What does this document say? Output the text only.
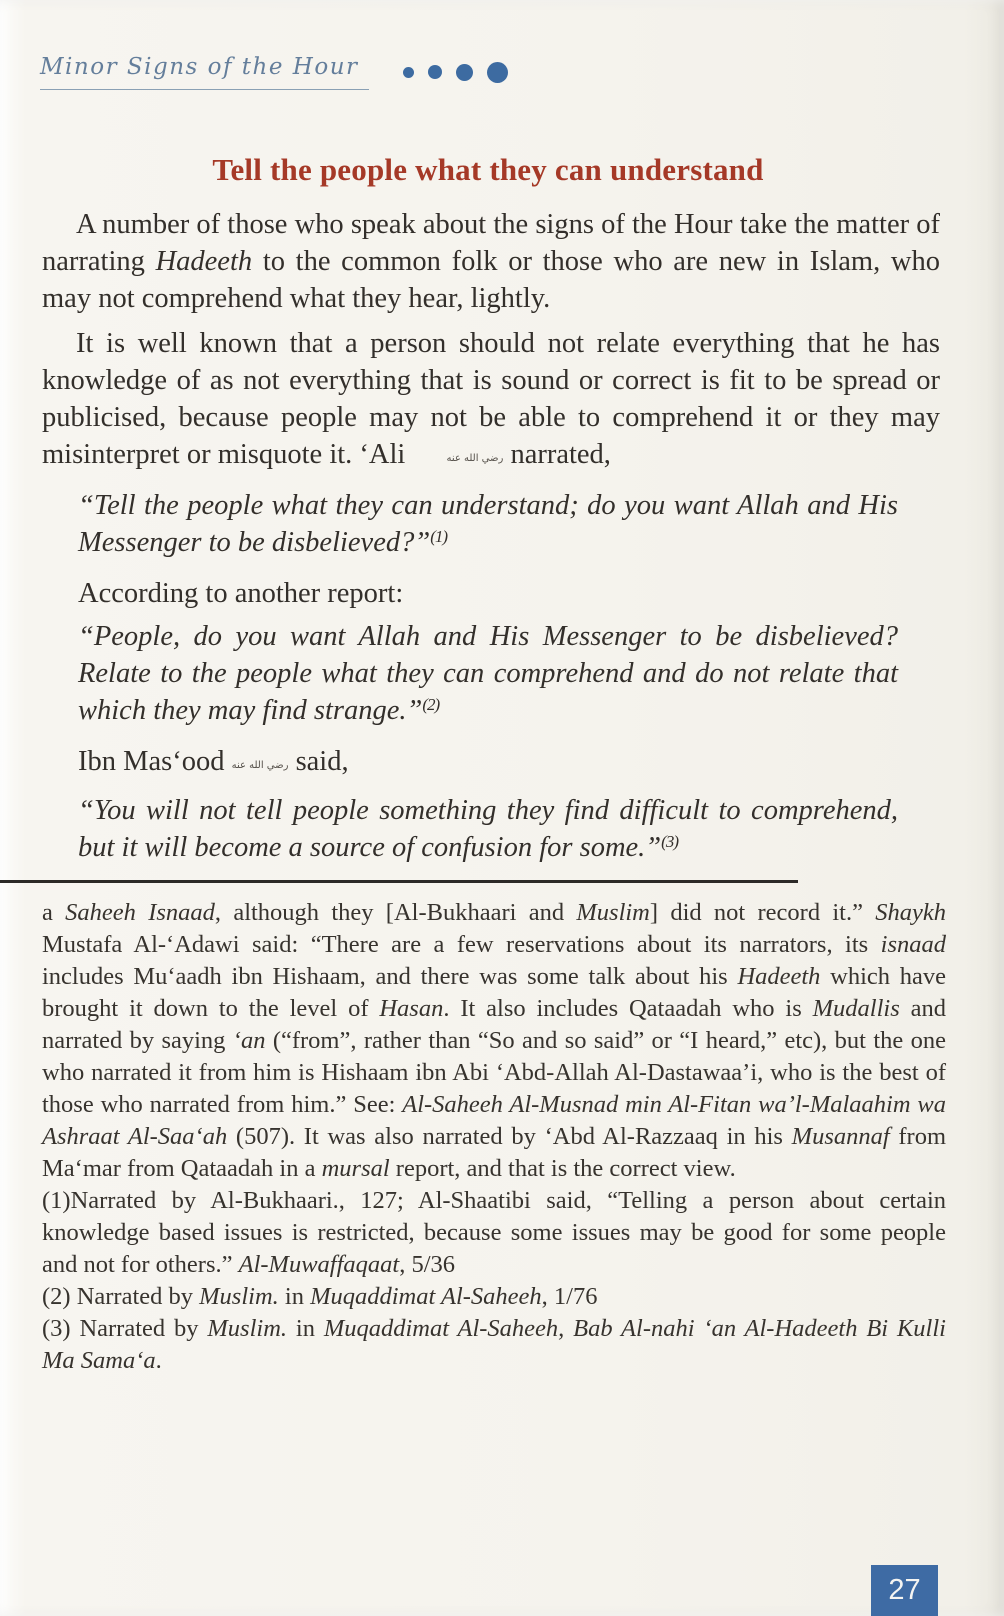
Minor Signs of the Hour
Tell the people what they can understand

A number of those who speak about the signs of the Hour take the matter of narrating Hadeeth to the common folk or those who are new in Islam, who may not comprehend what they hear, lightly.

It is well known that a person should not relate everything that he has knowledge of as not everything that is sound or correct is fit to be spread or publicised, because people may not be able to comprehend it or they may misinterpret or misquote it. ‘Ali	رضي الله عنه narrated,

“Tell the people what they can understand; do you want Allah and His Messenger to be disbelieved?”$^{(1)}$

According to another report:

“People, do you want Allah and His Messenger to be disbelieved? Relate to the people what they can comprehend and do not relate that which they may find strange.”$^{(2)}$

Ibn Mas‘ood رضي الله عنه said,

“You will not tell people something they find difficult to comprehend, but it will become a source of confusion for some.”$^{(3)}$

a Saheeh Isnaad, although they [Al-Bukhaari and Muslim] did not record it.” Shaykh Mustafa Al-‘Adawi said: “There are a few reservations about its narrators, its isnaad includes Mu‘aadh ibn Hishaam, and there was some talk about his Hadeeth which have brought it down to the level of Hasan. It also includes Qataadah who is Mudallis and narrated by saying ‘an (“from”, rather than “So and so said” or “I heard,” etc), but the one who narrated it from him is Hishaam ibn Abi ‘Abd-Allah Al-Dastawaa’i, who is the best of those who narrated from him.” See: Al-Saheeh Al-Musnad min Al-Fitan wa’l-Malaahim wa Ashraat Al-Saa‘ah (507). It was also narrated by ‘Abd Al-Razzaaq in his Musannaf from Ma‘mar from Qataadah in a mursal report, and that is the correct view.

(1)Narrated by Al-Bukhaari., 127; Al-Shaatibi said, “Telling a person about certain knowledge based issues is restricted, because some issues may be good for some people and not for others.” Al-Muwaffaqaat, 5/36

(2) Narrated by Muslim. in Muqaddimat Al-Saheeh, 1/76

(3) Narrated by Muslim. in Muqaddimat Al-Saheeh, Bab Al-nahi ‘an Al-Hadeeth Bi Kulli Ma Sama‘a.

27
